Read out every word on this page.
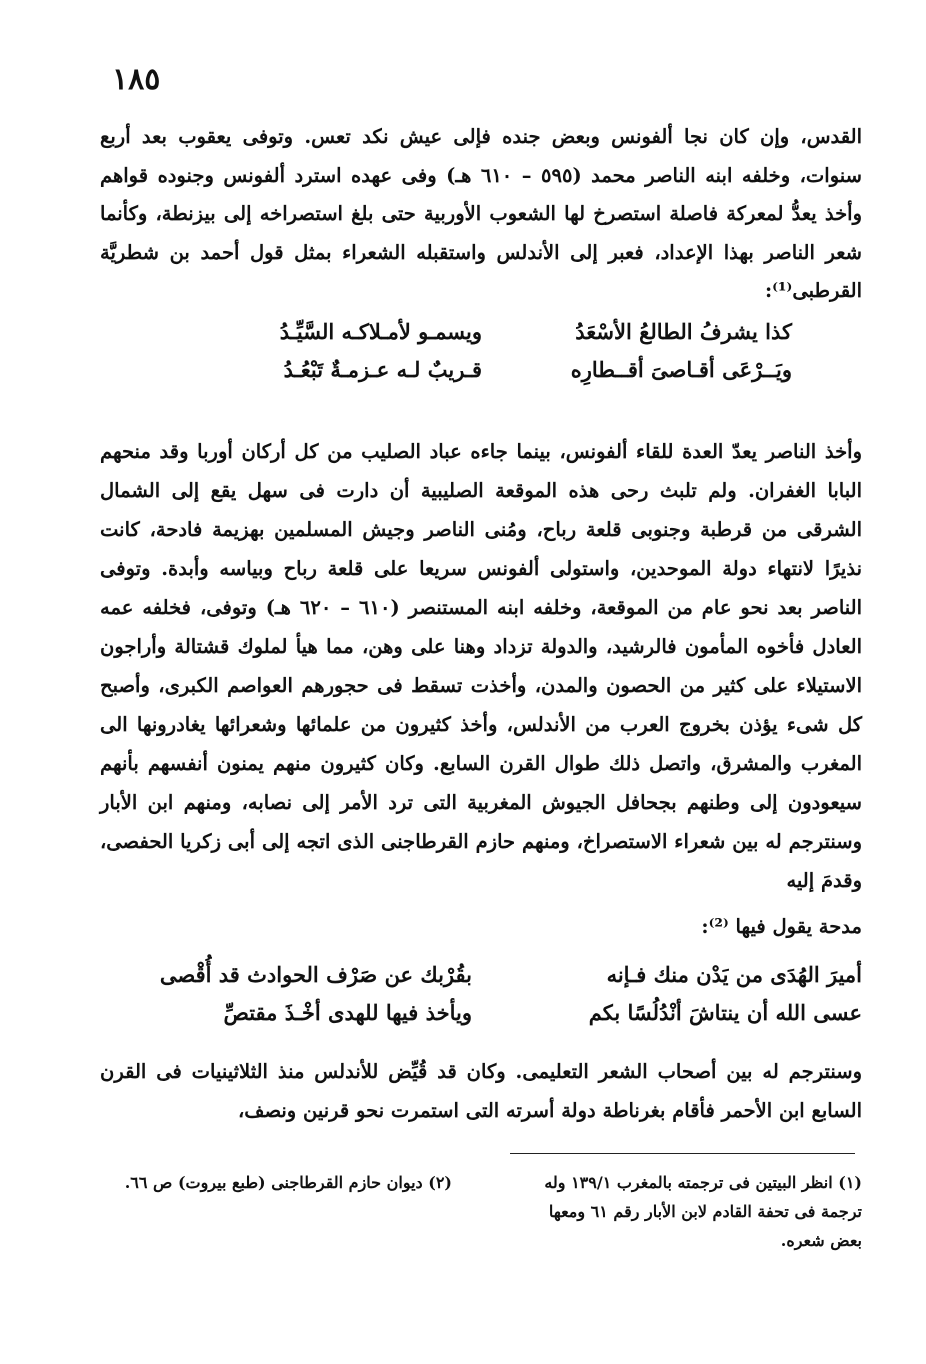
١٨٥
القدس، وإن كان نجا ألفونس وبعض جنده فإلى عيش نكد تعس. وتوفى يعقوب بعد أربع سنوات، وخلفه ابنه الناصر محمد (٥٩٥ – ٦١٠ هـ) وفى عهده استرد ألفونس وجنوده قواهم وأخذ يعدُّ لمعركة فاصلة استصرخ لها الشعوب الأوربية حتى بلغ استصراخه إلى بيزنطة، وكأنما شعر الناصر بهذا الإعداد، فعبر إلى الأندلس واستقبله الشعراء بمثل قول أحمد بن شطريَّة القرطبى⁽¹⁾:
كذا يشرفُ الطالعُ الأسْعَدُ
ويسمـو لأمـلاكـه السَّيِّـدُ
ويَــرْعَى أقـاصىَ أقــطارِه
قـريبٌ لـه عـزمـةٌ تَبْعُـدُ
وأخذ الناصر يعدّ العدة للقاء ألفونس، بينما جاءه عباد الصليب من كل أركان أوربا وقد منحهم البابا الغفران. ولم تلبث رحى هذه الموقعة الصليبية أن دارت فى سهل يقع إلى الشمال الشرقى من قرطبة وجنوبى قلعة رباح، ومُنى الناصر وجيش المسلمين بهزيمة فادحة، كانت نذيرًا لانتهاء دولة الموحدين، واستولى ألفونس سريعا على قلعة رباح وبياسه وأبدة. وتوفى الناصر بعد نحو عام من الموقعة، وخلفه ابنه المستنصر (٦١٠ – ٦٢٠ هـ) وتوفى، فخلفه عمه العادل فأخوه المأمون فالرشيد، والدولة تزداد وهنا على وهن، مما هيأ لملوك قشتالة وأراجون الاستيلاء على كثير من الحصون والمدن، وأخذت تسقط فى حجورهم العواصم الكبرى، وأصبح كل شىء يؤذن بخروج العرب من الأندلس، وأخذ كثيرون من علمائها وشعرائها يغادرونها الى المغرب والمشرق، واتصل ذلك طوال القرن السابع. وكان كثيرون منهم يمنون أنفسهم بأنهم سيعودون إلى وطنهم بجحافل الجيوش المغربية التى ترد الأمر إلى نصابه، ومنهم ابن الأبار وسنترجم له بين شعراء الاستصراخ، ومنهم حازم القرطاجنى الذى اتجه إلى أبى زكريا الحفصى، وقدمَ إليه
مدحة يقول فيها ⁽²⁾:
أميرَ الهُدَى من يَدْن منك فـإنه
بقُرْبك عن صَرْف الحوادث قد أُقْصى
عسى الله أن ينتاشَ أنْدُلُسًا بكم
ويأخذ فيها للهدى أخْـذَ مقتصِّ
وسنترجم له بين أصحاب الشعر التعليمى. وكان قد قُيِّض للأندلس منذ الثلاثينيات فى القرن السابع ابن الأحمر فأقام بغرناطة دولة أسرته التى استمرت نحو قرنين ونصف،
(١) انظر البيتين فى ترجمته بالمغرب ١٣٩/١ وله ترجمة فى تحفة القادم لابن الأبار رقم ٦١ ومعها بعض شعره.
(٢) ديوان حازم القرطاجنى (طبع بيروت) ص ٦٦.
